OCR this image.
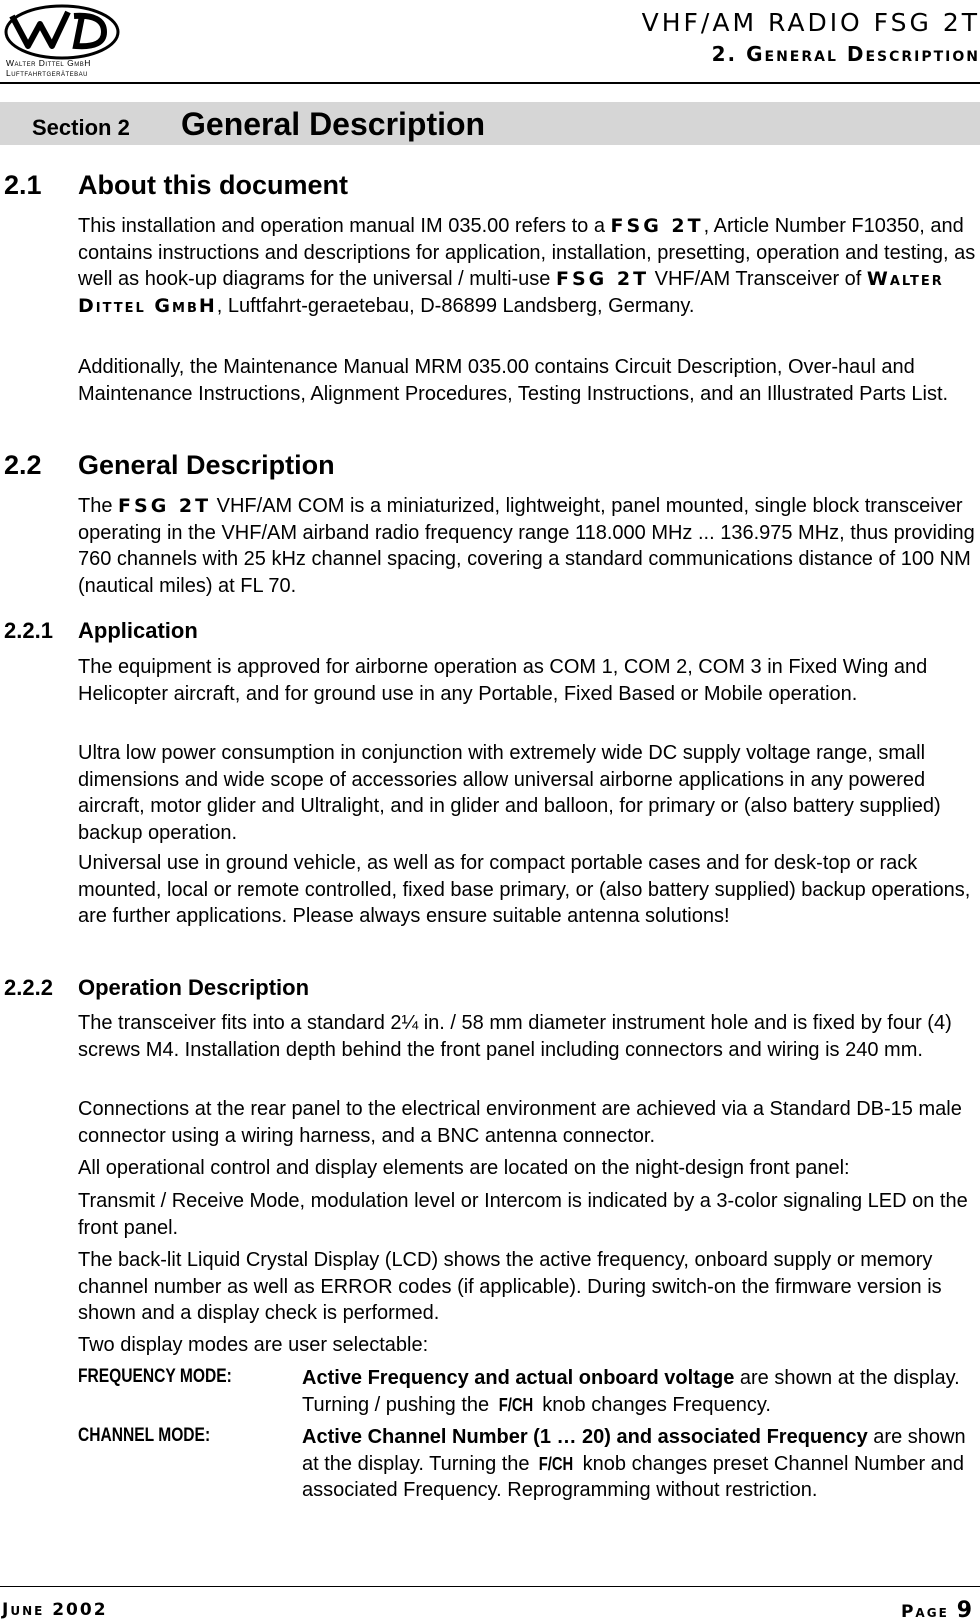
Walter Dittel GmbH
Luftfahrtgerätebau
VHF/AM RADIO FSG 2T
2. General Description
Section 2 General Description
2.1 About this document
This installation and operation manual IM 035.00 refers to a FSG 2T, Article Number F10350, and contains instructions and descriptions for application, installation, presetting, operation and testing, as well as hook-up diagrams for the universal / multi-use FSG 2T VHF/AM Transceiver of Walter Dittel GmbH, Luftfahrt-geraetebau, D-86899 Landsberg, Germany.
Additionally, the Maintenance Manual MRM 035.00 contains Circuit Description, Over-haul and Maintenance Instructions, Alignment Procedures, Testing Instructions, and an Illustrated Parts List.
2.2 General Description
The FSG 2T VHF/AM COM is a miniaturized, lightweight, panel mounted, single block transceiver operating in the VHF/AM airband radio frequency range 118.000 MHz ... 136.975 MHz, thus providing 760 channels with 25 kHz channel spacing, covering a standard communications distance of 100 NM (nautical miles) at FL 70.
2.2.1 Application
The equipment is approved for airborne operation as COM 1, COM 2, COM 3 in Fixed Wing and Helicopter aircraft, and for ground use in any Portable, Fixed Based or Mobile operation.
Ultra low power consumption in conjunction with extremely wide DC supply voltage range, small dimensions and wide scope of accessories allow universal airborne applications in any powered aircraft, motor glider and Ultralight, and in glider and balloon, for primary or (also battery supplied) backup operation.
Universal use in ground vehicle, as well as for compact portable cases and for desk-top or rack mounted, local or remote controlled, fixed base primary, or (also battery supplied) backup operations, are further applications. Please always ensure suitable antenna solutions!
2.2.2 Operation Description
The transceiver fits into a standard 2¼ in. / 58 mm diameter instrument hole and is fixed by four (4) screws M4. Installation depth behind the front panel including connectors and wiring is 240 mm.
Connections at the rear panel to the electrical environment are achieved via a Standard DB-15 male connector using a wiring harness, and a BNC antenna connector.
All operational control and display elements are located on the night-design front panel:
Transmit / Receive Mode, modulation level or Intercom is indicated by a 3-color signaling LED on the front panel.
The back-lit Liquid Crystal Display (LCD) shows the active frequency, onboard supply or memory channel number as well as ERROR codes (if applicable). During switch-on the firmware version is shown and a display check is performed.
Two display modes are user selectable:
FREQUENCY MODE:	Active Frequency and actual onboard voltage are shown at the display. Turning / pushing the F/CH knob changes Frequency.
CHANNEL MODE:	Active Channel Number (1 … 20) and associated Frequency are shown at the display. Turning the F/CH knob changes preset Channel Number and associated Frequency. Reprogramming without restriction.
June 2002	Page 9
